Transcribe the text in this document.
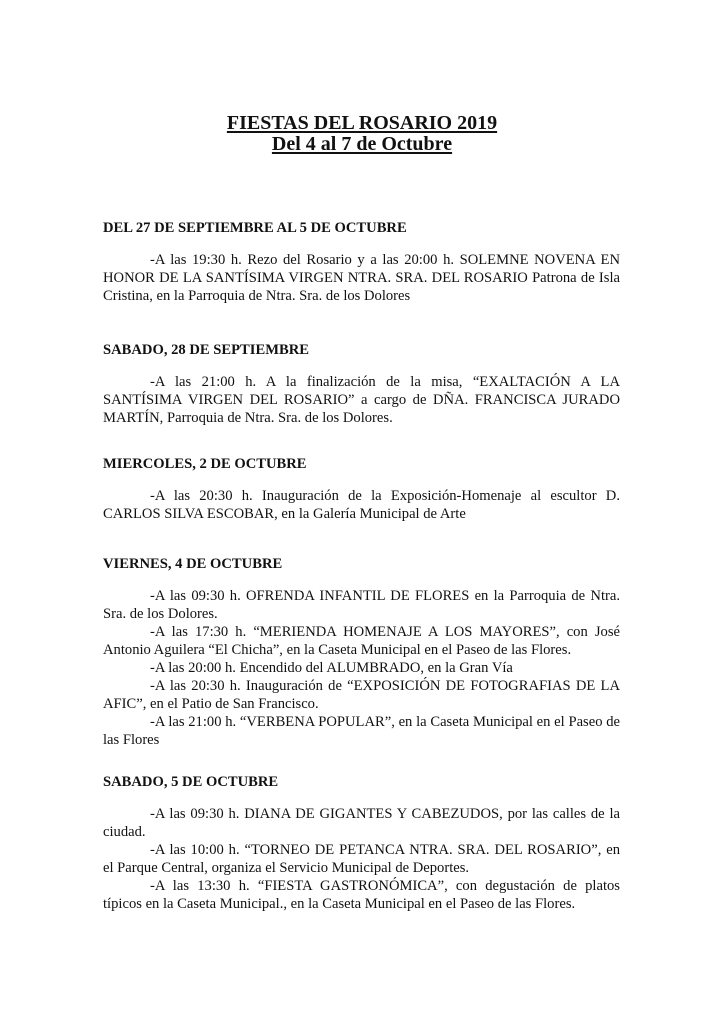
FIESTAS DEL ROSARIO 2019
Del 4 al 7 de Octubre

DEL 27 DE SEPTIEMBRE AL 5 DE OCTUBRE

-A las 19:30 h. Rezo del Rosario y a las 20:00 h. SOLEMNE NOVENA EN HONOR DE LA SANTÍSIMA VIRGEN NTRA. SRA. DEL ROSARIO Patrona de Isla Cristina, en la Parroquia de Ntra. Sra. de los Dolores

SABADO, 28 DE SEPTIEMBRE

-A las 21:00 h. A la finalización de la misa, “EXALTACIÓN A LA SANTÍSIMA VIRGEN DEL ROSARIO” a cargo de DÑA. FRANCISCA JURADO MARTÍN, Parroquia de Ntra. Sra. de los Dolores.

MIERCOLES, 2 DE OCTUBRE

-A las 20:30 h. Inauguración de la Exposición-Homenaje al escultor D. CARLOS SILVA ESCOBAR, en la Galería Municipal de Arte

VIERNES, 4 DE OCTUBRE

-A las 09:30 h. OFRENDA INFANTIL DE FLORES en la Parroquia de Ntra. Sra. de los Dolores.

-A las 17:30 h. “MERIENDA HOMENAJE A LOS MAYORES”, con José Antonio Aguilera “El Chicha”, en la Caseta Municipal en el Paseo de las Flores.

-A las 20:00 h. Encendido del ALUMBRADO, en la Gran Vía

-A las 20:30 h. Inauguración de “EXPOSICIÓN DE FOTOGRAFIAS DE LA AFIC”, en el Patio de San Francisco.

-A las 21:00 h. “VERBENA POPULAR”, en la Caseta Municipal en el Paseo de las Flores

SABADO, 5 DE OCTUBRE

-A las 09:30 h. DIANA DE GIGANTES Y CABEZUDOS, por las calles de la ciudad.

-A las 10:00 h. “TORNEO DE PETANCA NTRA. SRA. DEL ROSARIO”, en el Parque Central, organiza el Servicio Municipal de Deportes.

-A las 13:30 h. “FIESTA GASTRONÓMICA”, con degustación de platos típicos en la Caseta Municipal., en la Caseta Municipal en el Paseo de las Flores.
